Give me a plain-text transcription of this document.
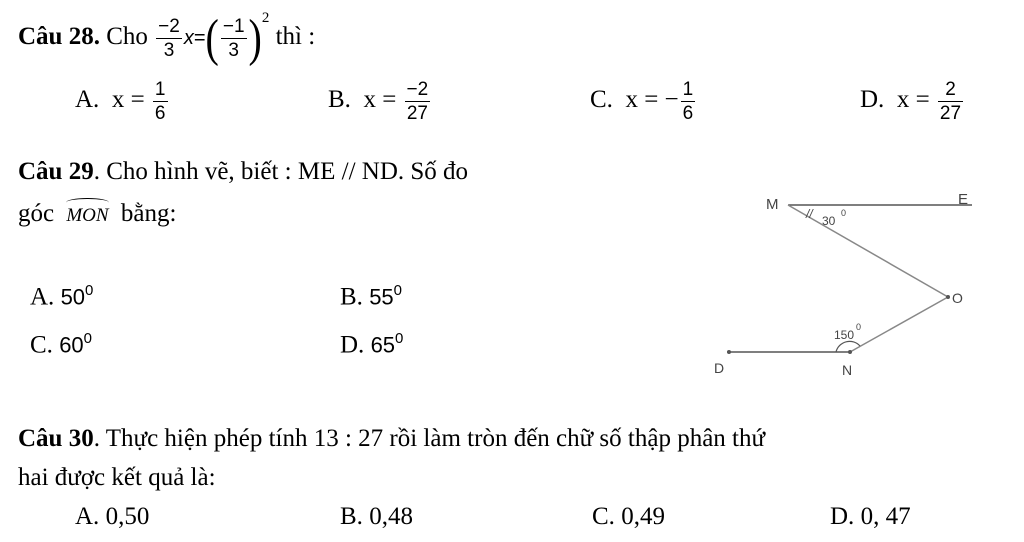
Câu 28. Cho $\frac{-2}{3} x=( \frac{-1}{3} )^2$ thì :
A. $x = \frac{1}{6}$	B. $x = \frac{-2}{27}$	C. x = − $\frac{1}{6}$	D. $x = \frac{2}{27}$
Câu 29. Cho hình vẽ, biết : ME // ND. Số đo
góc MON bằng:
A. $50^0$	B. $55^0$
C. $60^0$	D. $65^0$
M	E
O
D	N
// 30
0
150
0
Câu 30. Thực hiện phép tính 13 : 27 rồi làm tròn đến chữ số thập phân thứ
hai được kết quả là:
A. 0,50	B. 0,48	C. 0,49	D. 0, 47
